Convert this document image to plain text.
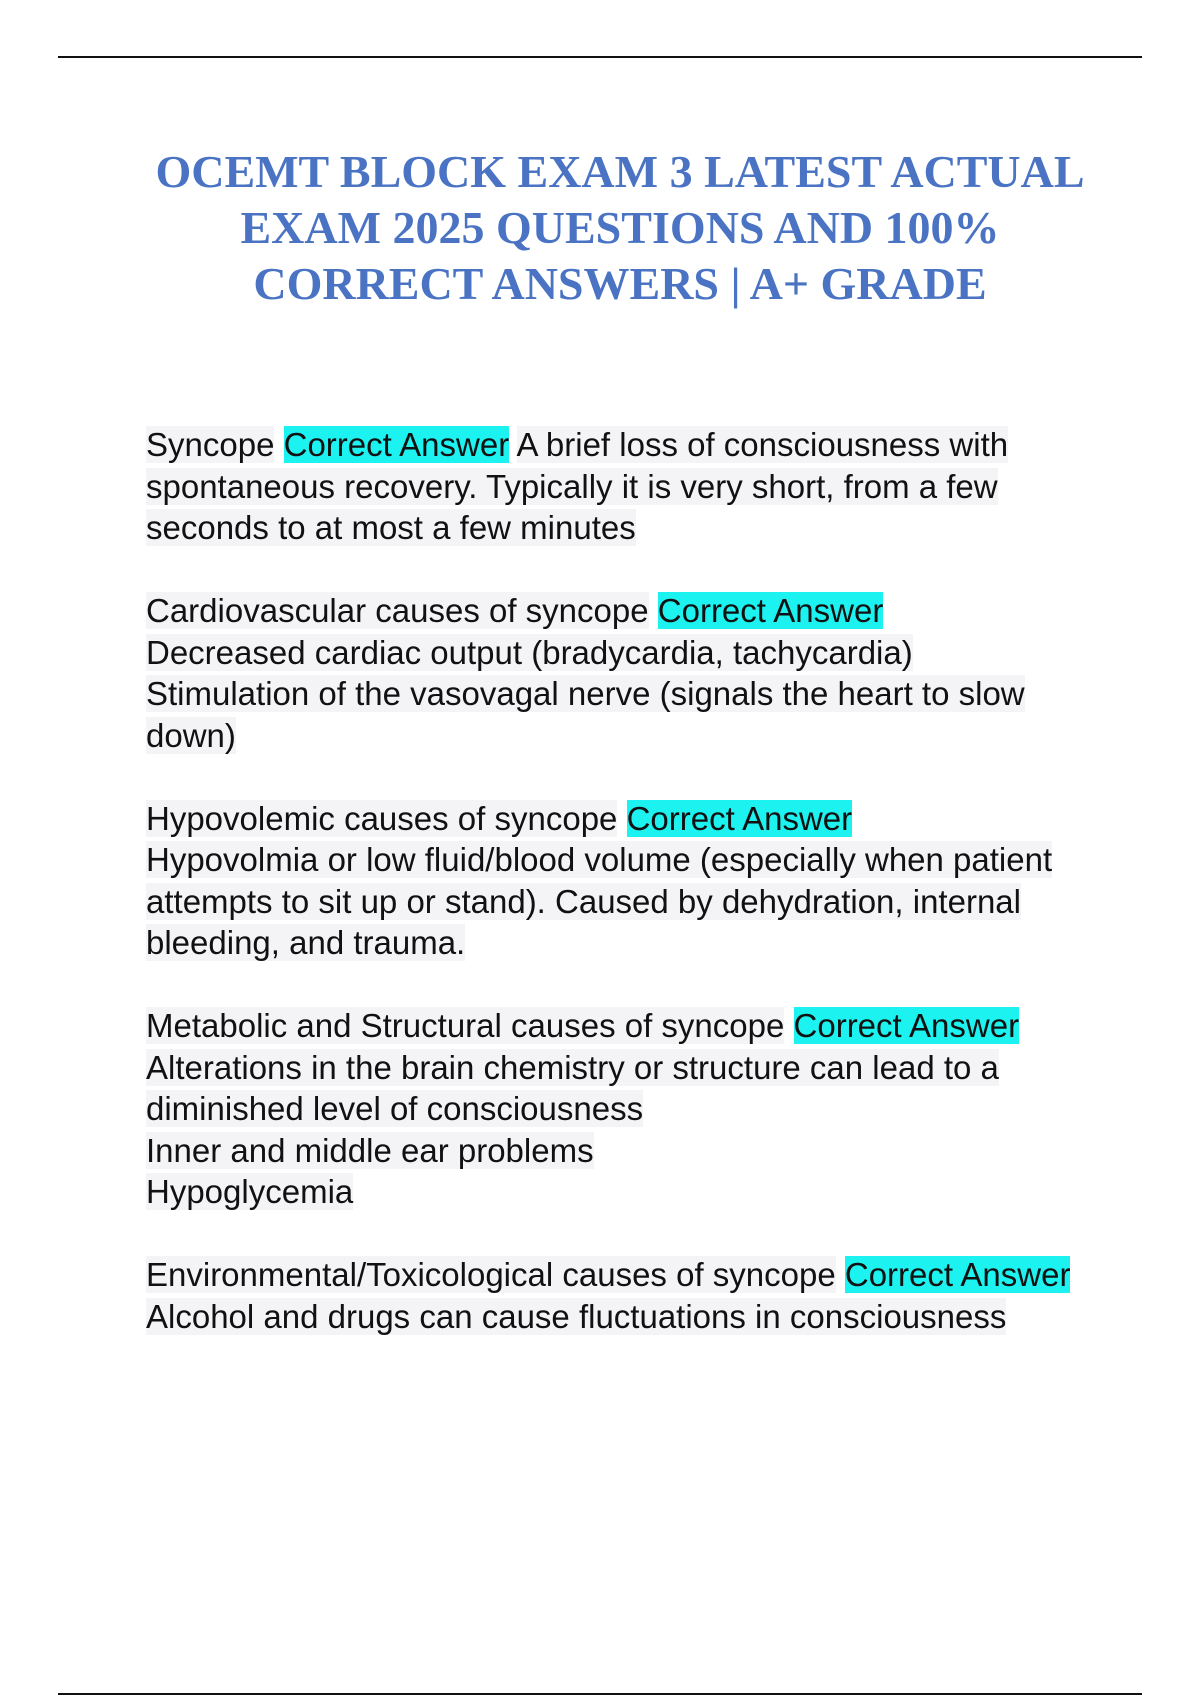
OCEMT BLOCK EXAM 3 LATEST ACTUAL EXAM 2025 QUESTIONS AND 100% CORRECT ANSWERS | A+ GRADE

Syncope Correct Answer A brief loss of consciousness with spontaneous recovery. Typically it is very short, from a few seconds to at most a few minutes

Cardiovascular causes of syncope Correct Answer
Decreased cardiac output (bradycardia, tachycardia)
Stimulation of the vasovagal nerve (signals the heart to slow down)

Hypovolemic causes of syncope Correct Answer
Hypovolmia or low fluid/blood volume (especially when patient attempts to sit up or stand). Caused by dehydration, internal bleeding, and trauma.

Metabolic and Structural causes of syncope Correct Answer Alterations in the brain chemistry or structure can lead to a diminished level of consciousness
Inner and middle ear problems
Hypoglycemia

Environmental/Toxicological causes of syncope Correct Answer Alcohol and drugs can cause fluctuations in consciousness
